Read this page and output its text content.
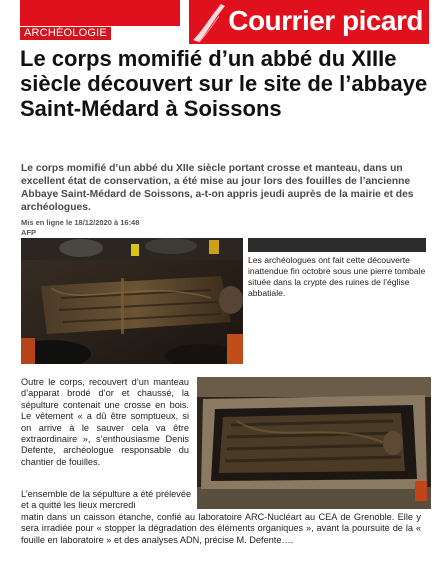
ARCHÉOLOGIE	Courrier picard
Le corps momifié d’un abbé du XIIIe siècle découvert sur le site de l’abbaye Saint-Médard à Soissons

Le corps momifié d’un abbé du XIIe siècle portant crosse et manteau, dans un excellent état de conservation, a été mise au jour lors des fouilles de l’ancienne Abbaye Saint-Médard de Soissons, a-t-on appris jeudi auprès de la mairie et des archéologues.

Mis en ligne le 18/12/2020 à 16:48
AFP

Les archéologues ont fait cette découverte inattendue fin octobre sous une pierre tombale située dans la crypte des ruines de l’église abbatiale.

Outre le corps, recouvert d’un manteau d’apparat brodé d’or et chaussé, la sépulture contenait une crosse en bois. Le vêtement « a dû être somptueux, si on arrive à le sauver cela va être extraordinaire », s’enthousiasme Denis Defente, archéologue responsable du chantier de fouilles.

L’ensemble de la sépulture a été prélevée et a quitté les lieux mercredi

matin dans un caisson étanche, confié au laboratoire ARC-Nucléart au CEA de Grenoble. Elle y sera irradiée pour « stopper la dégradation des éléments organiques », avant la poursuite de la « fouille en laboratoire » et des analyses ADN, précise M. Defente….
